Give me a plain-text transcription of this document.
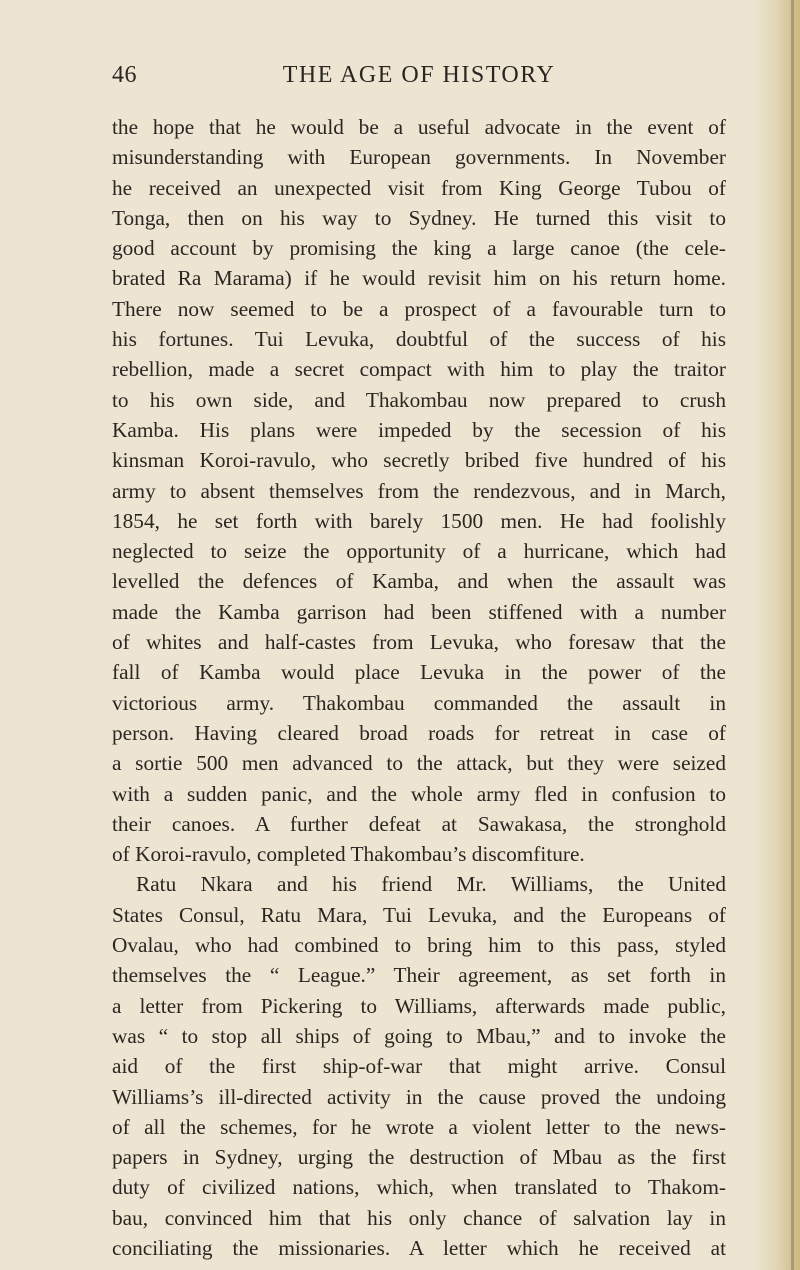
46	THE AGE OF HISTORY
the hope that he would be a useful advocate in the event of
misunderstanding with European governments. In November
he received an unexpected visit from King George Tubou of
Tonga, then on his way to Sydney. He turned this visit to
good account by promising the king a large canoe (the cele-
brated Ra Marama) if he would revisit him on his return home.
There now seemed to be a prospect of a favourable turn to
his fortunes. Tui Levuka, doubtful of the success of his
rebellion, made a secret compact with him to play the traitor
to his own side, and Thakombau now prepared to crush
Kamba. His plans were impeded by the secession of his
kinsman Koroi-ravulo, who secretly bribed five hundred of his
army to absent themselves from the rendezvous, and in March,
1854, he set forth with barely 1500 men. He had foolishly
neglected to seize the opportunity of a hurricane, which had
levelled the defences of Kamba, and when the assault was
made the Kamba garrison had been stiffened with a number
of whites and half-castes from Levuka, who foresaw that the
fall of Kamba would place Levuka in the power of the
victorious army. Thakombau commanded the assault in
person. Having cleared broad roads for retreat in case of
a sortie 500 men advanced to the attack, but they were seized
with a sudden panic, and the whole army fled in confusion to
their canoes. A further defeat at Sawakasa, the stronghold
of Koroi-ravulo, completed Thakombau’s discomfiture.
Ratu Nkara and his friend Mr. Williams, the United
States Consul, Ratu Mara, Tui Levuka, and the Europeans of
Ovalau, who had combined to bring him to this pass, styled
themselves the “ League.” Their agreement, as set forth in
a letter from Pickering to Williams, afterwards made public,
was “ to stop all ships of going to Mbau,” and to invoke the
aid of the first ship-of-war that might arrive. Consul
Williams’s ill-directed activity in the cause proved the undoing
of all the schemes, for he wrote a violent letter to the news-
papers in Sydney, urging the destruction of Mbau as the first
duty of civilized nations, which, when translated to Thakom-
bau, convinced him that his only chance of salvation lay in
conciliating the missionaries. A letter which he received at
